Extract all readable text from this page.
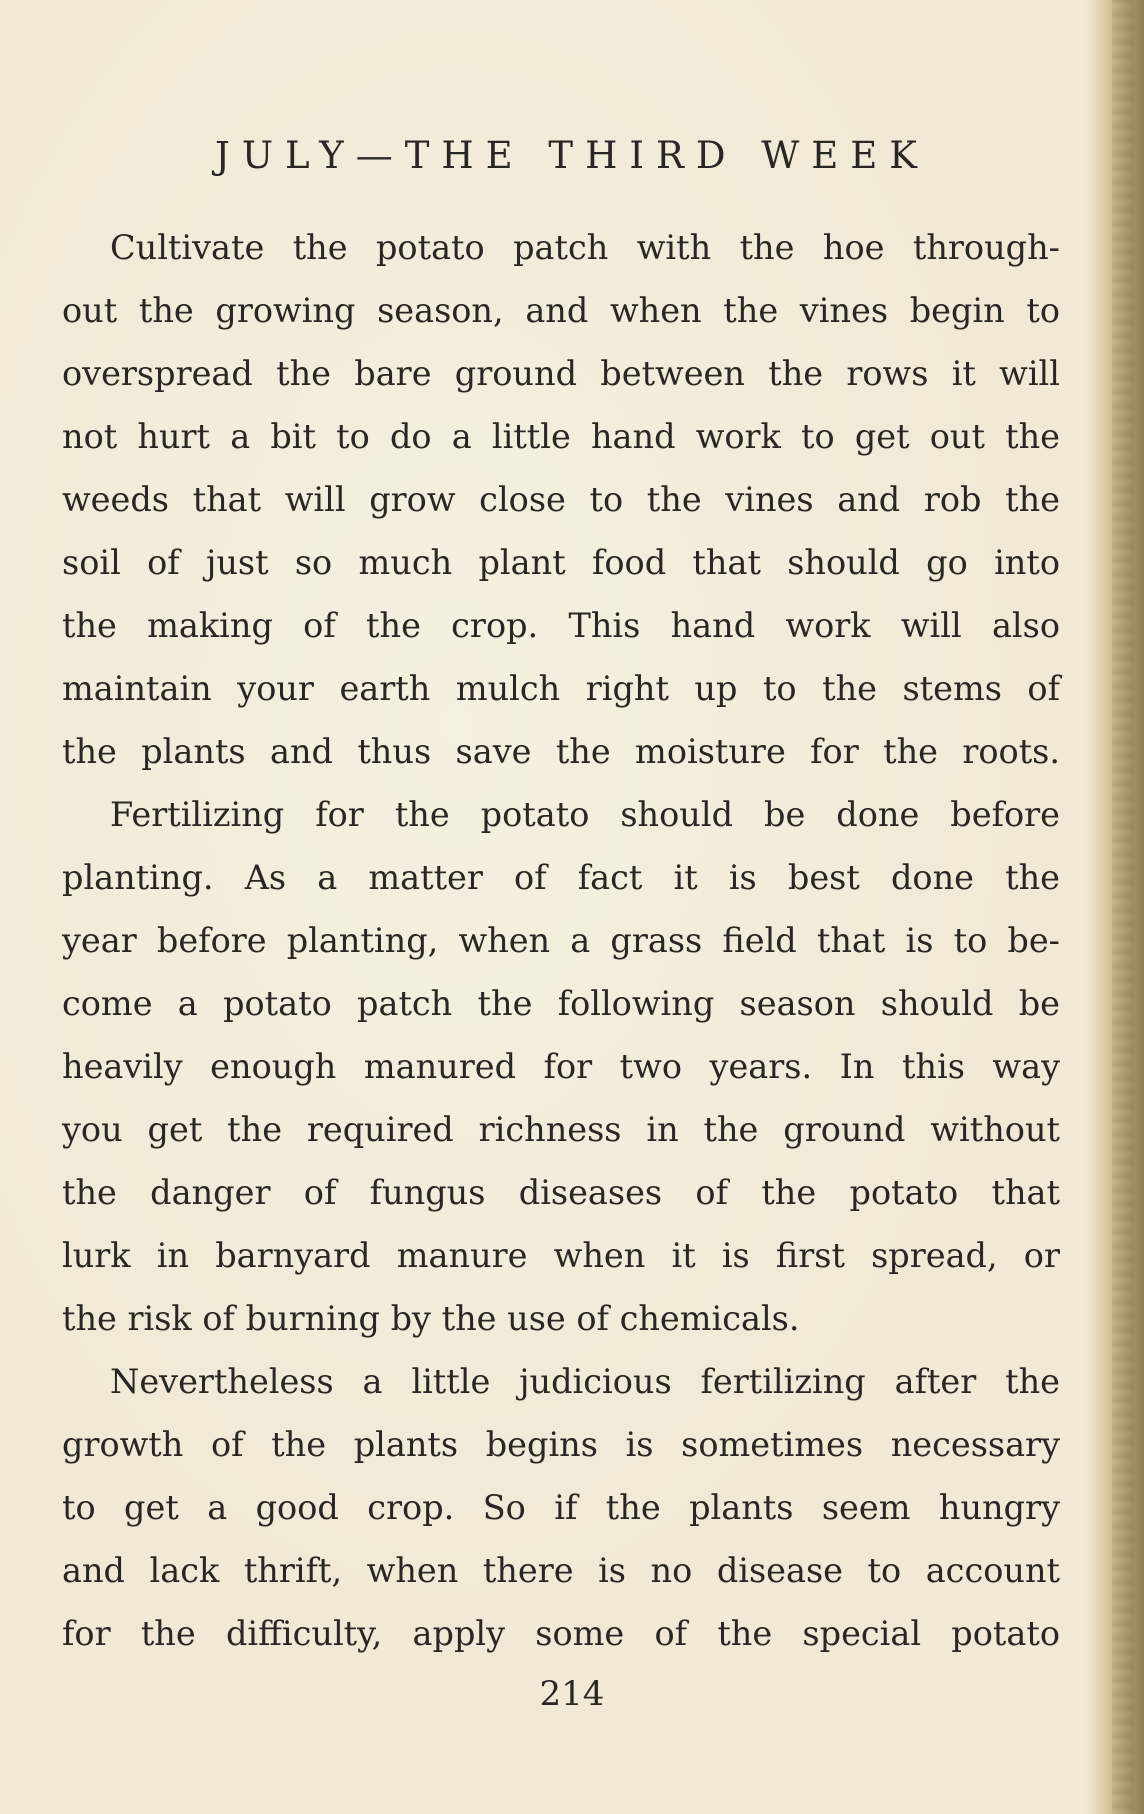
JULY—THE THIRD WEEK
Cultivate the potato patch with the hoe through-
out the growing season, and when the vines begin to
overspread the bare ground between the rows it will
not hurt a bit to do a little hand work to get out the
weeds that will grow close to the vines and rob the
soil of just so much plant food that should go into
the making of the crop. This hand work will also
maintain your earth mulch right up to the stems of
the plants and thus save the moisture for the roots.
Fertilizing for the potato should be done before
planting. As a matter of fact it is best done the
year before planting, when a grass field that is to be-
come a potato patch the following season should be
heavily enough manured for two years. In this way
you get the required richness in the ground without
the danger of fungus diseases of the potato that
lurk in barnyard manure when it is first spread, or
the risk of burning by the use of chemicals.
Nevertheless a little judicious fertilizing after the
growth of the plants begins is sometimes necessary
to get a good crop. So if the plants seem hungry
and lack thrift, when there is no disease to account
for the difficulty, apply some of the special potato
214
